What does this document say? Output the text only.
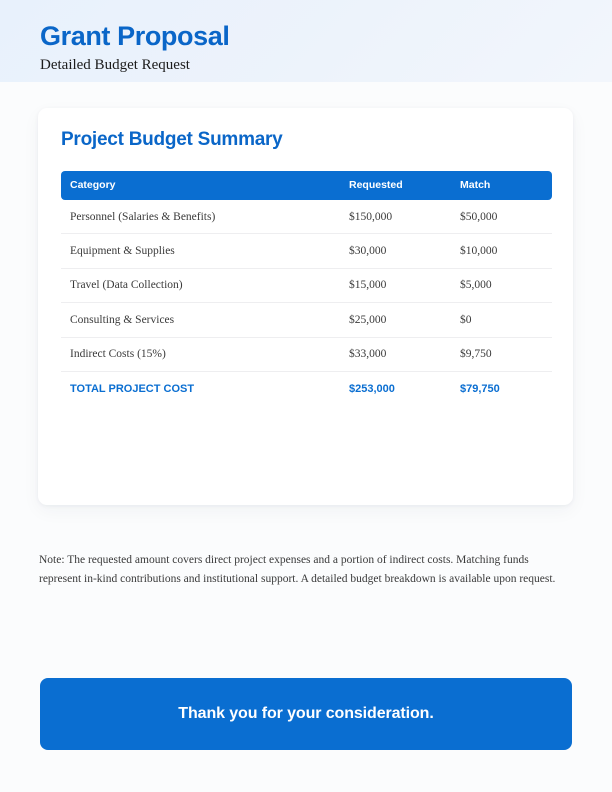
Grant Proposal
Detailed Budget Request
Project Budget Summary
Category	Requested	Match
Personnel (Salaries & Benefits)	$150,000	$50,000
Equipment & Supplies	$30,000	$10,000
Travel (Data Collection)	$15,000	$5,000
Consulting & Services	$25,000	$0
Indirect Costs (15%)	$33,000	$9,750
TOTAL PROJECT COST	$253,000	$79,750
Note: The requested amount covers direct project expenses and a portion of indirect costs. Matching funds represent in-kind contributions and institutional support. A detailed budget breakdown is available upon request.
Thank you for your consideration.
